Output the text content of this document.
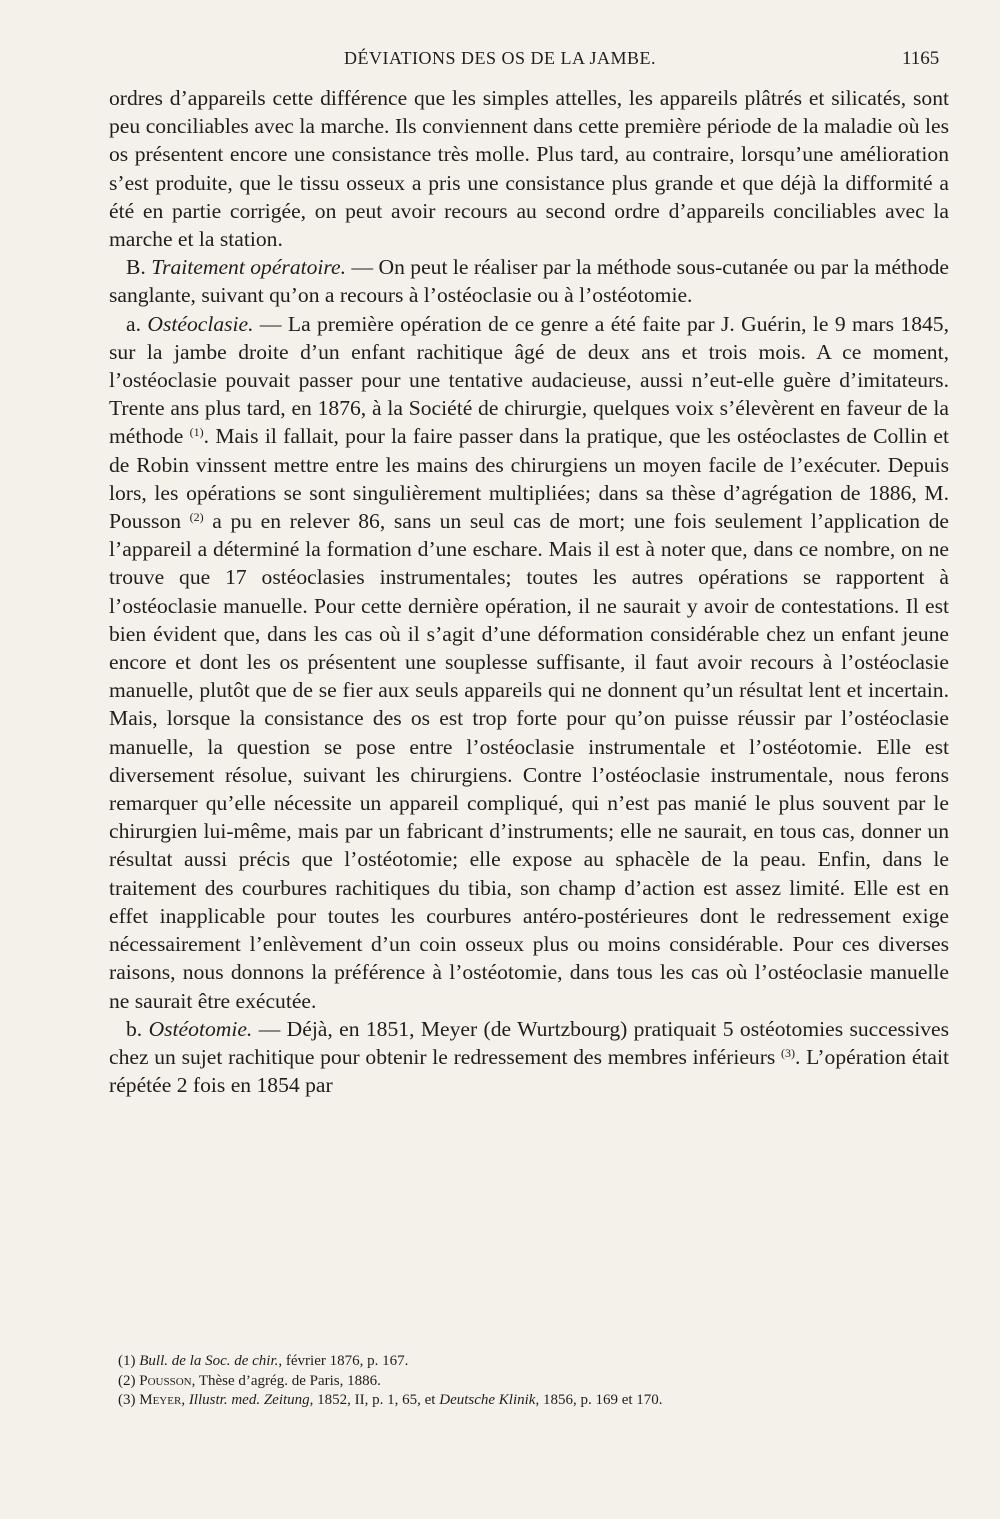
DÉVIATIONS DES OS DE LA JAMBE.	1165

ordres d’appareils cette différence que les simples attelles, les appareils plâtrés et silicatés, sont peu conciliables avec la marche. Ils conviennent dans cette première période de la maladie où les os présentent encore une consistance très molle. Plus tard, au contraire, lorsqu’une amélioration s’est produite, que le tissu osseux a pris une consistance plus grande et que déjà la difformité a été en partie corrigée, on peut avoir recours au second ordre d’appareils conciliables avec la marche et la station.

B. Traitement opératoire. — On peut le réaliser par la méthode sous-cutanée ou par la méthode sanglante, suivant qu’on a recours à l’ostéoclasie ou à l’ostéotomie.

a. Ostéoclasie. — La première opération de ce genre a été faite par J. Guérin, le 9 mars 1845, sur la jambe droite d’un enfant rachitique âgé de deux ans et trois mois. A ce moment, l’ostéoclasie pouvait passer pour une tentative audacieuse, aussi n’eut-elle guère d’imitateurs. Trente ans plus tard, en 1876, à la Société de chirurgie, quelques voix s’élevèrent en faveur de la méthode $^{(1)}$. Mais il fallait, pour la faire passer dans la pratique, que les ostéoclastes de Collin et de Robin vinssent mettre entre les mains des chirurgiens un moyen facile de l’exécuter. Depuis lors, les opérations se sont singulièrement multipliées; dans sa thèse d’agrégation de 1886, M. Pousson $^{(2)}$ a pu en relever 86, sans un seul cas de mort; une fois seulement l’application de l’appareil a déterminé la formation d’une eschare. Mais il est à noter que, dans ce nombre, on ne trouve que 17 ostéoclasies instrumentales; toutes les autres opérations se rapportent à l’ostéoclasie manuelle. Pour cette dernière opération, il ne saurait y avoir de contestations. Il est bien évident que, dans les cas où il s’agit d’une déformation considérable chez un enfant jeune encore et dont les os présentent une souplesse suffisante, il faut avoir recours à l’ostéoclasie manuelle, plutôt que de se fier aux seuls appareils qui ne donnent qu’un résultat lent et incertain. Mais, lorsque la consistance des os est trop forte pour qu’on puisse réussir par l’ostéoclasie manuelle, la question se pose entre l’ostéoclasie instrumentale et l’ostéotomie. Elle est diversement résolue, suivant les chirurgiens. Contre l’ostéoclasie instrumentale, nous ferons remarquer qu’elle nécessite un appareil compliqué, qui n’est pas manié le plus souvent par le chirurgien lui-même, mais par un fabricant d’instruments; elle ne saurait, en tous cas, donner un résultat aussi précis que l’ostéotomie; elle expose au sphacèle de la peau. Enfin, dans le traitement des courbures rachitiques du tibia, son champ d’action est assez limité. Elle est en effet inapplicable pour toutes les courbures antéro-postérieures dont le redressement exige nécessairement l’enlèvement d’un coin osseux plus ou moins considérable. Pour ces diverses raisons, nous donnons la préférence à l’ostéotomie, dans tous les cas où l’ostéoclasie manuelle ne saurait être exécutée.

b. Ostéotomie. — Déjà, en 1851, Meyer (de Wurtzbourg) pratiquait 5 ostéotomies successives chez un sujet rachitique pour obtenir le redressement des membres inférieurs $^{(3)}$. L’opération était répétée 2 fois en 1854 par

(1) Bull. de la Soc. de chir., février 1876, p. 167.

(2) Pousson, Thèse d’agrég. de Paris, 1886.

(3) Meyer, Illustr. med. Zeitung, 1852, II, p. 1, 65, et Deutsche Klinik, 1856, p. 169 et 170.
